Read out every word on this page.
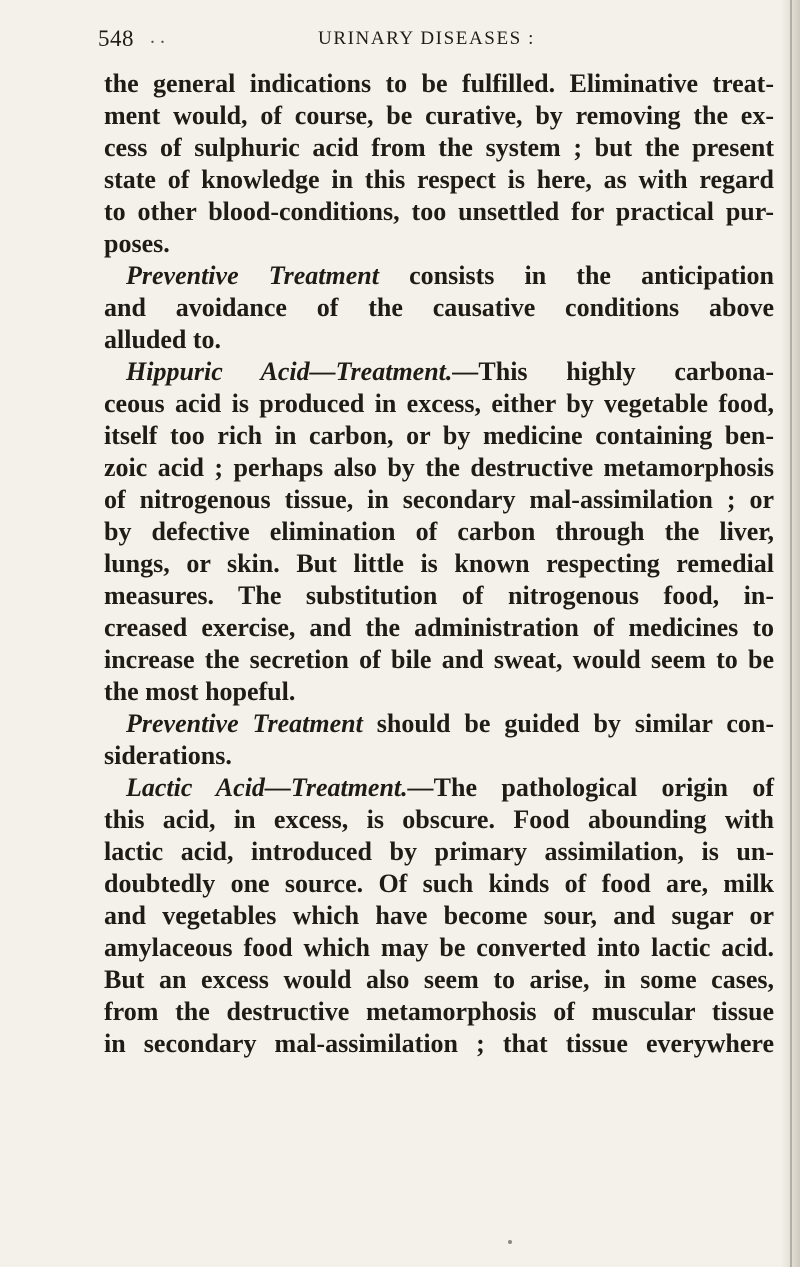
548 . .	URINARY DISEASES :
the general indications to be fulfilled. Eliminative treat-
ment would, of course, be curative, by removing the ex-
cess of sulphuric acid from the system ; but the present
state of knowledge in this respect is here, as with regard
to other blood-conditions, too unsettled for practical pur-
poses.
Preventive Treatment consists in the anticipation
and avoidance of the causative conditions above
alluded to.
Hippuric Acid—Treatment.—This highly carbona-
ceous acid is produced in excess, either by vegetable food,
itself too rich in carbon, or by medicine containing ben-
zoic acid ; perhaps also by the destructive metamorphosis
of nitrogenous tissue, in secondary mal-assimilation ; or
by defective elimination of carbon through the liver,
lungs, or skin. But little is known respecting remedial
measures. The substitution of nitrogenous food, in-
creased exercise, and the administration of medicines to
increase the secretion of bile and sweat, would seem to be
the most hopeful.
Preventive Treatment should be guided by similar con-
siderations.
Lactic Acid—Treatment.—The pathological origin of
this acid, in excess, is obscure. Food abounding with
lactic acid, introduced by primary assimilation, is un-
doubtedly one source. Of such kinds of food are, milk
and vegetables which have become sour, and sugar or
amylaceous food which may be converted into lactic acid.
But an excess would also seem to arise, in some cases,
from the destructive metamorphosis of muscular tissue
in secondary mal-assimilation ; that tissue everywhere
